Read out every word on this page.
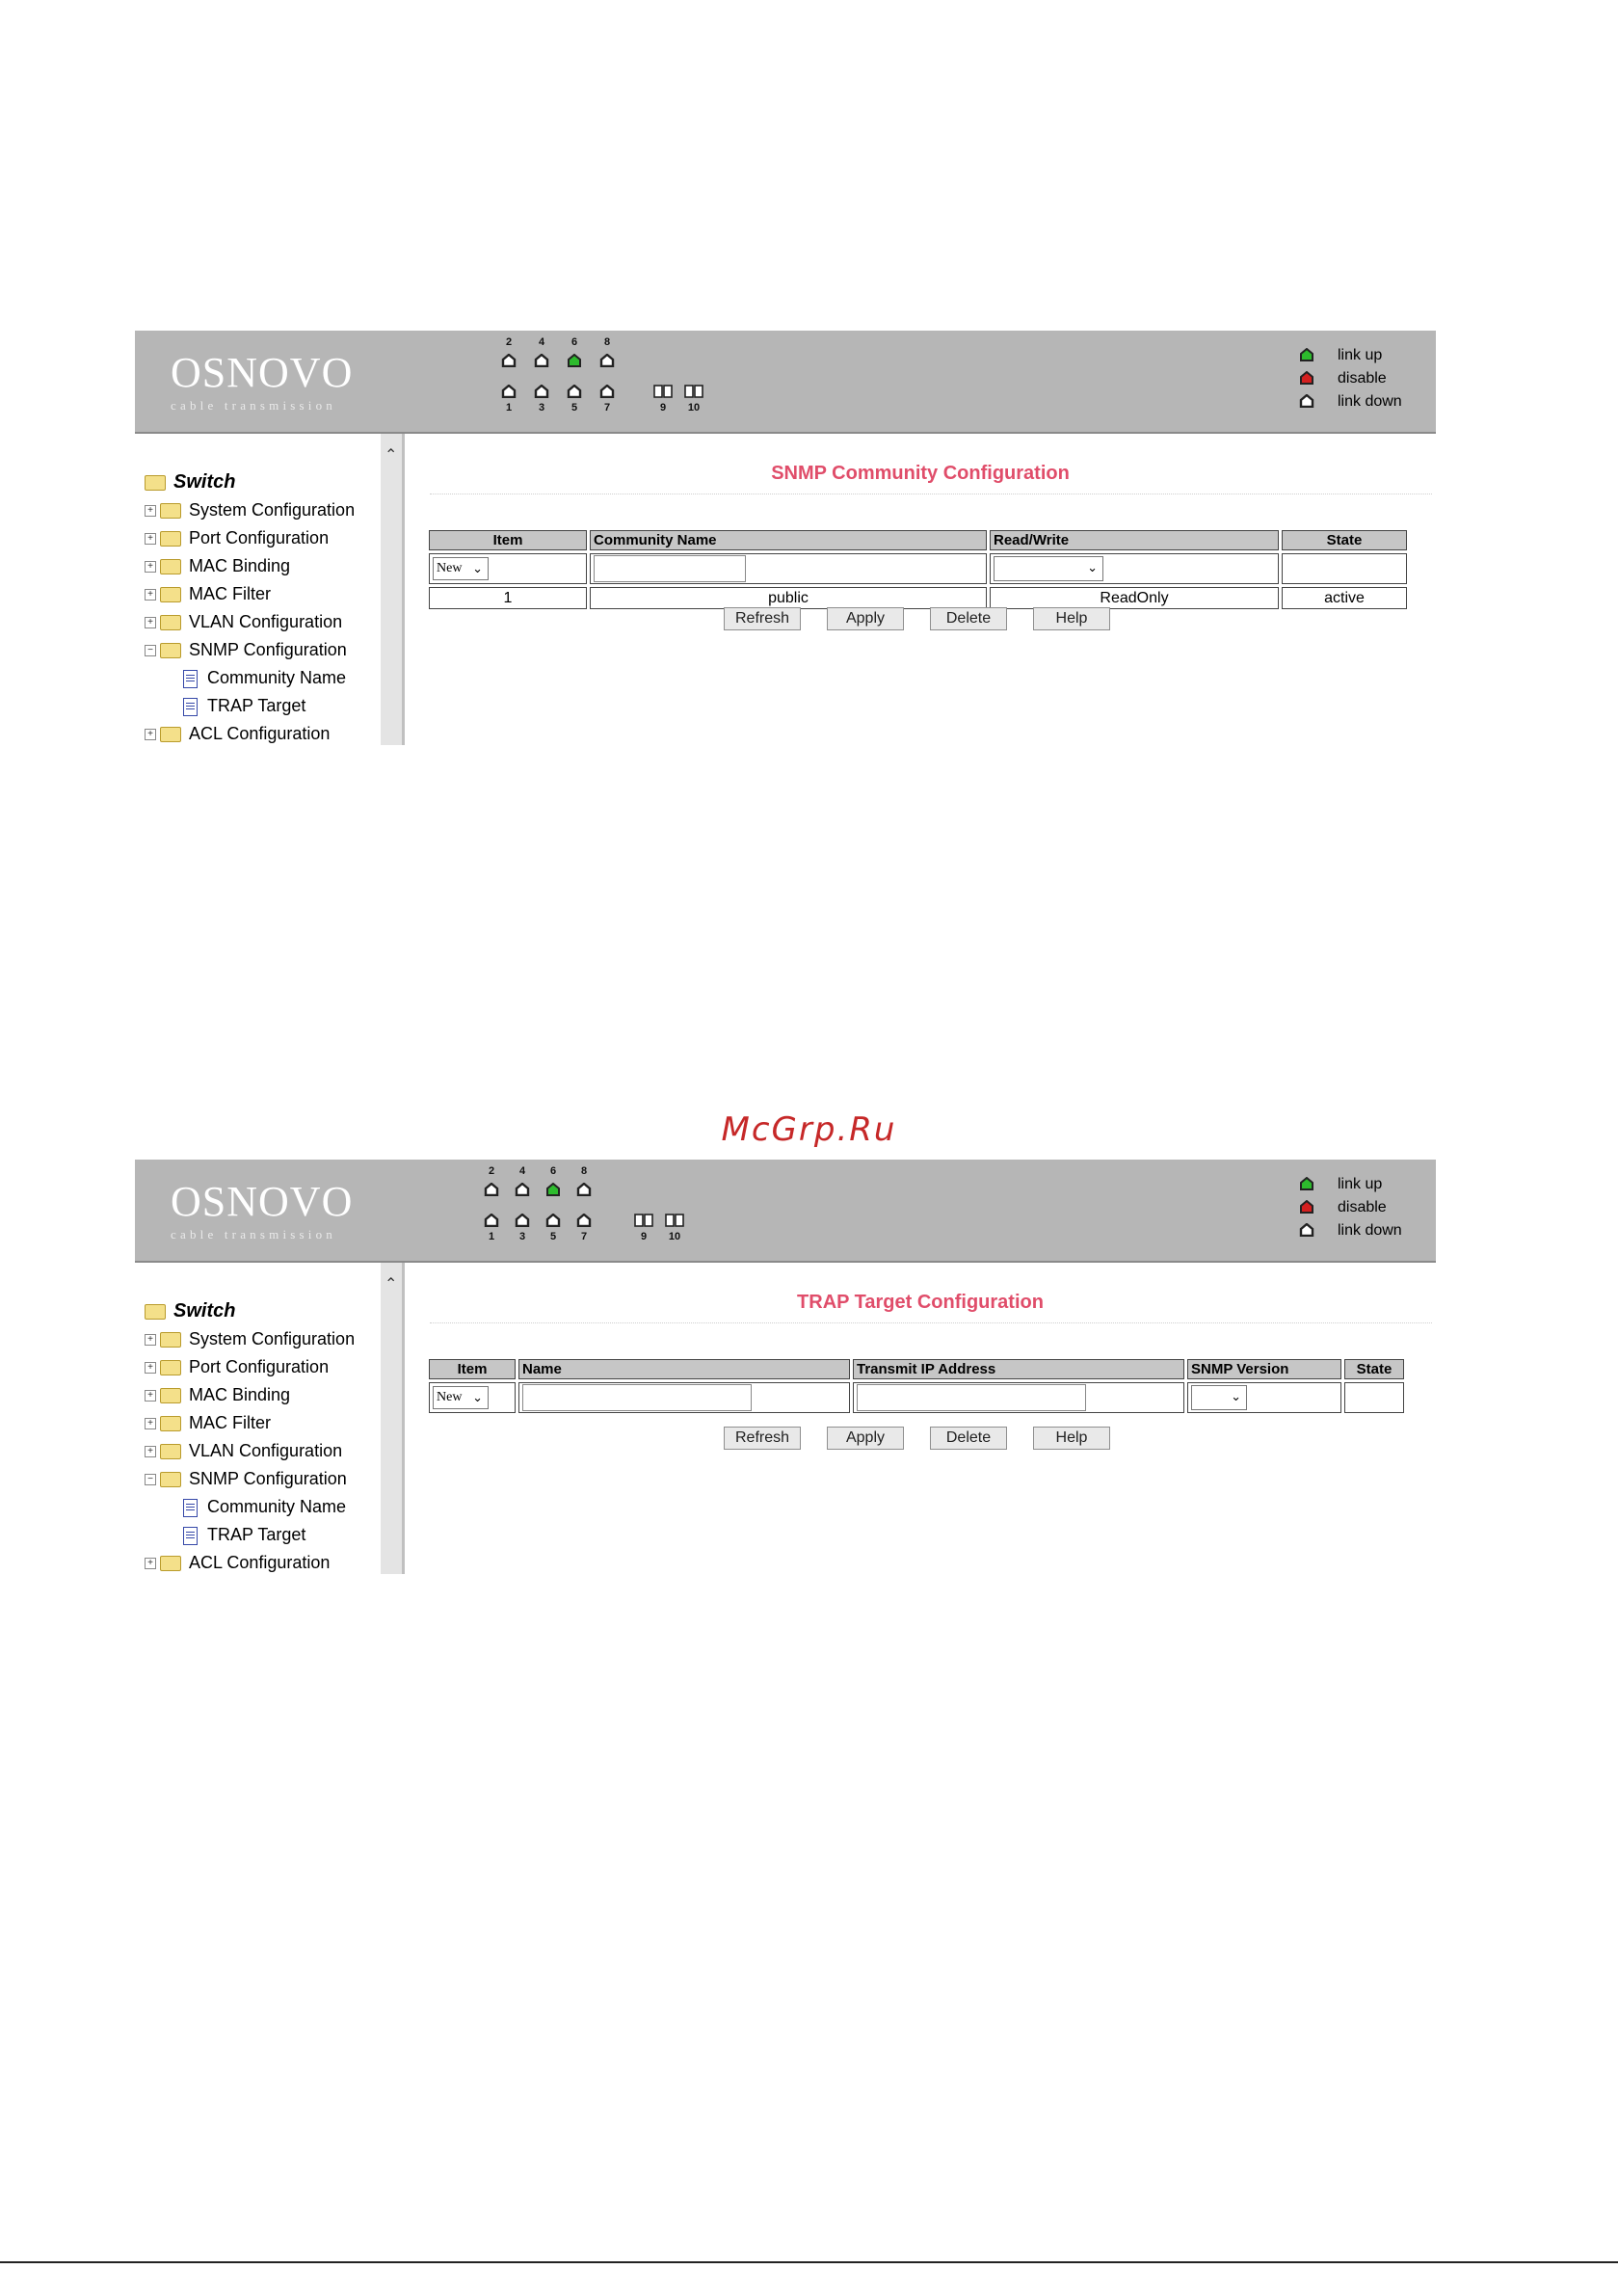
OSNOVO
cable transmission
2	4	6	8
1	3	5	7	9	10
link up
disable
link down
⌃
Switch
+ System Configuration
+ Port Configuration
+ MAC Binding
+ MAC Filter
+ VLAN Configuration
− SNMP Configuration
Community Name
TRAP Target
+ ACL Configuration
SNMP Community Configuration
Item	Community Name	Read/Write	State
New ⌄		⌄	

1	public	ReadOnly	active
Refresh	Apply	Delete	Help
McGrp.Ru
OSNOVO
cable transmission
2	4	6	8
1	3	5	7	9	10
link up
disable
link down
⌃
Switch
+ System Configuration
+ Port Configuration
+ MAC Binding
+ MAC Filter
+ VLAN Configuration
− SNMP Configuration
Community Name
TRAP Target
+ ACL Configuration
TRAP Target Configuration
Item	Name	Transmit IP Address	SNMP Version	State
New ⌄			⌄	

Refresh	Apply	Delete	Help
